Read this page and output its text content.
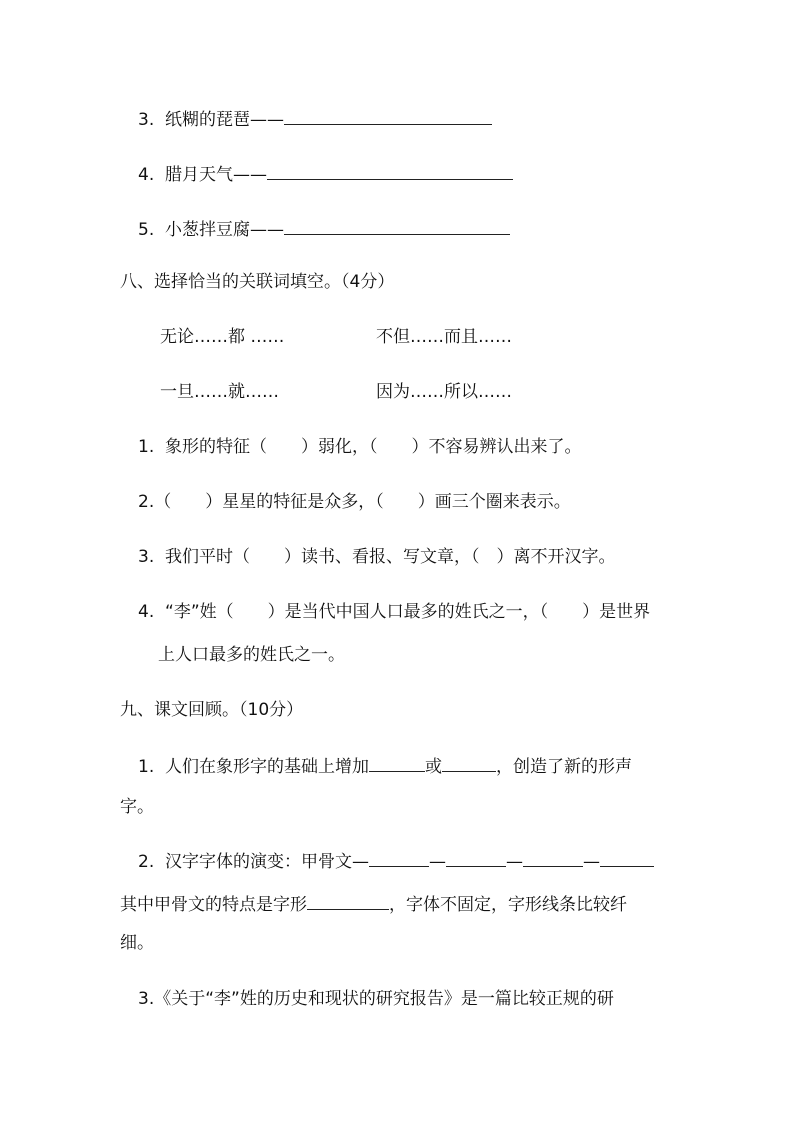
3. 纸糊的琵琶——
4. 腊月天气——
5. 小葱拌豆腐——
八、选择恰当的关联词填空。（4分）
无论……都 ……	不但……而且……
一旦……就……	因为……所以……
1. 象形的特征（　　）弱化，（　　）不容易辨认出来了。
2.（　　）星星的特征是众多，（　　）画三个圈来表示。
3. 我们平时（　　）读书、看报、写文章，（　）离不开汉字。
4. “李”姓（　　）是当代中国人口最多的姓氏之一，（　　）是世界
上人口最多的姓氏之一。
九、课文回顾。（10分）
1. 人们在象形字的基础上增加	或	，创造了新的形声
字。
2. 汉字字体的演变：甲骨文—	—	—	—
其中甲骨文的特点是字形	，字体不固定，字形线条比较纤
细。
3.《关于“李”姓的历史和现状的研究报告》是一篇比较正规的研
